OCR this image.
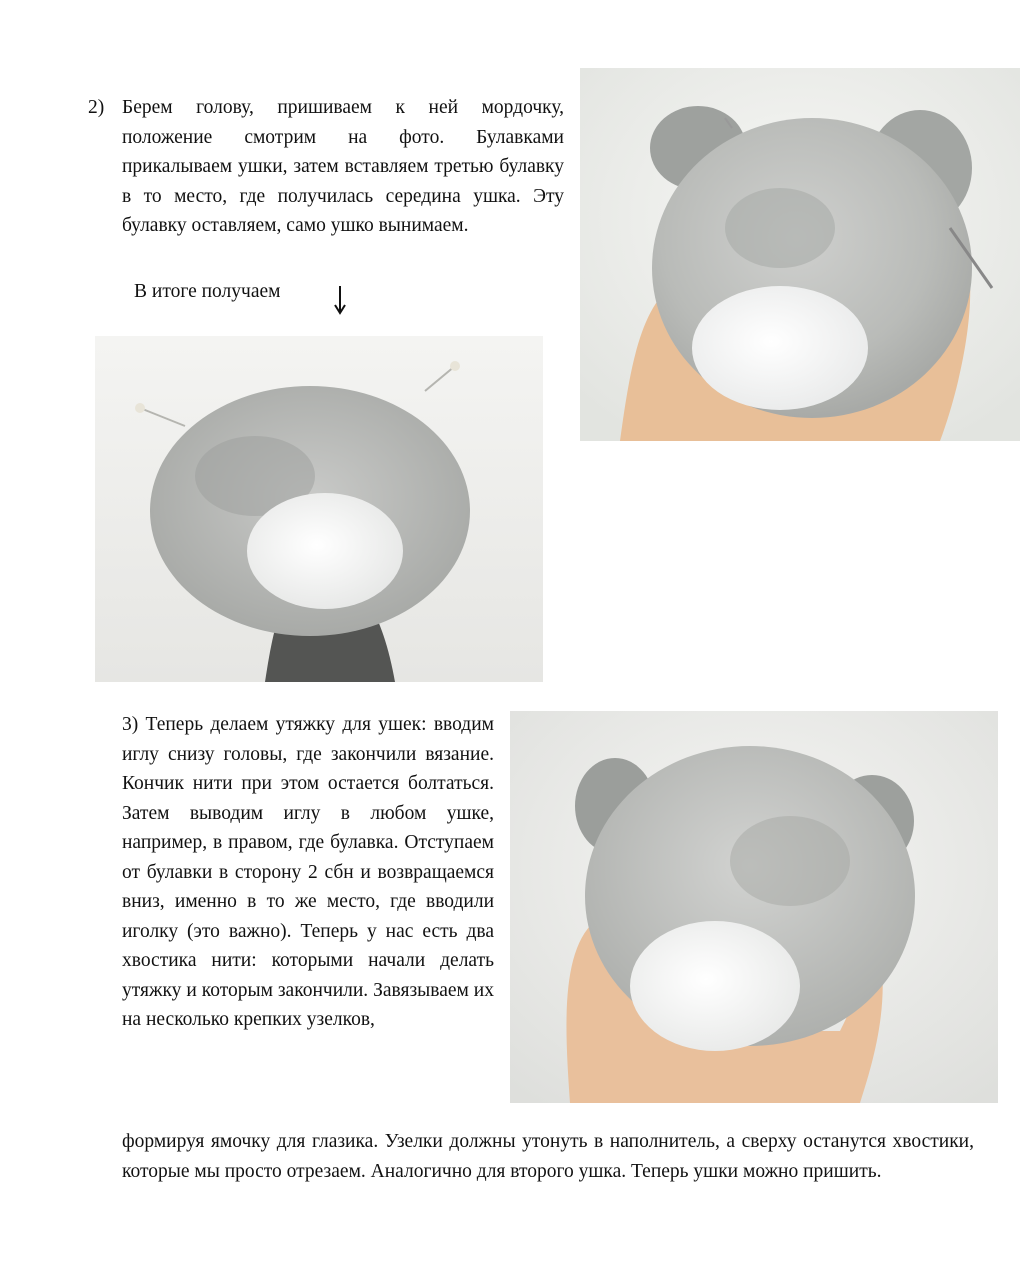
2) Берем голову, пришиваем к ней мордочку, положение смотрим на фото. Булавками прикалываем ушки, затем вставляем третью булавку в то место, где получилась середина ушка. Эту булавку оставляем, само ушко вынимаем.
В итоге получаем

3) Теперь делаем утяжку для ушек: вводим иглу снизу головы, где закончили вязание. Кончик нити при этом остается болтаться. Затем выводим иглу в любом ушке, например, в правом, где булавка. Отступаем от булавки в сторону 2 сбн и возвращаемся вниз, именно в то же место, где вводили иголку (это важно). Теперь у нас есть два хвостика нити: которыми начали делать утяжку и которым закончили. Завязываем их на несколько крепких узелков,

формируя ямочку для глазика. Узелки должны утонуть в наполнитель, а сверху останутся хвостики, которые мы просто отрезаем. Аналогично для второго ушка. Теперь ушки можно пришить.
